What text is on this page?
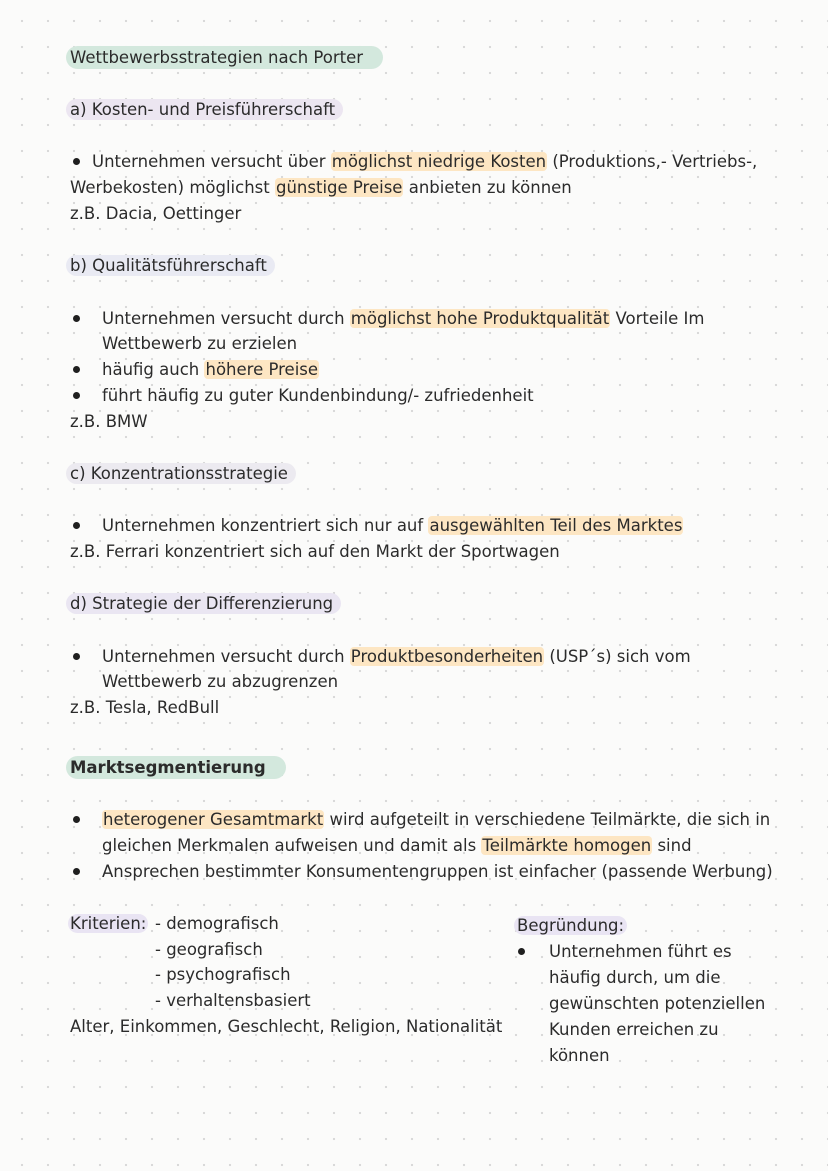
Wettbewerbsstrategien nach Porter
a) Kosten- und Preisführerschaft
Unternehmen versucht über möglichst niedrige Kosten (Produktions,- Vertriebs-,
Werbekosten) möglichst günstige Preise anbieten zu können
z.B. Dacia, Oettinger
b) Qualitätsführerschaft
Unternehmen versucht durch möglichst hohe Produktqualität Vorteile Im
Wettbewerb zu erzielen
häufig auch höhere Preise
führt häufig zu guter Kundenbindung/- zufriedenheit
z.B. BMW
c) Konzentrationsstrategie
Unternehmen konzentriert sich nur auf ausgewählten Teil des Marktes
z.B. Ferrari konzentriert sich auf den Markt der Sportwagen
d) Strategie der Differenzierung
Unternehmen versucht durch Produktbesonderheiten (USP´s) sich vom
Wettbewerb zu abzugrenzen
z.B. Tesla, RedBull
Marktsegmentierung
heterogener Gesamtmarkt wird aufgeteilt in verschiedene Teilmärkte, die sich in
gleichen Merkmalen aufweisen und damit als Teilmärkte homogen sind
Ansprechen bestimmter Konsumentengruppen ist einfacher (passende Werbung)
Kriterien: - demografisch
- geografisch
- psychografisch
- verhaltensbasiert
Alter, Einkommen, Geschlecht, Religion, Nationalität
Begründung:
Unternehmen führt es
häufig durch, um die
gewünschten potenziellen
Kunden erreichen zu
können
